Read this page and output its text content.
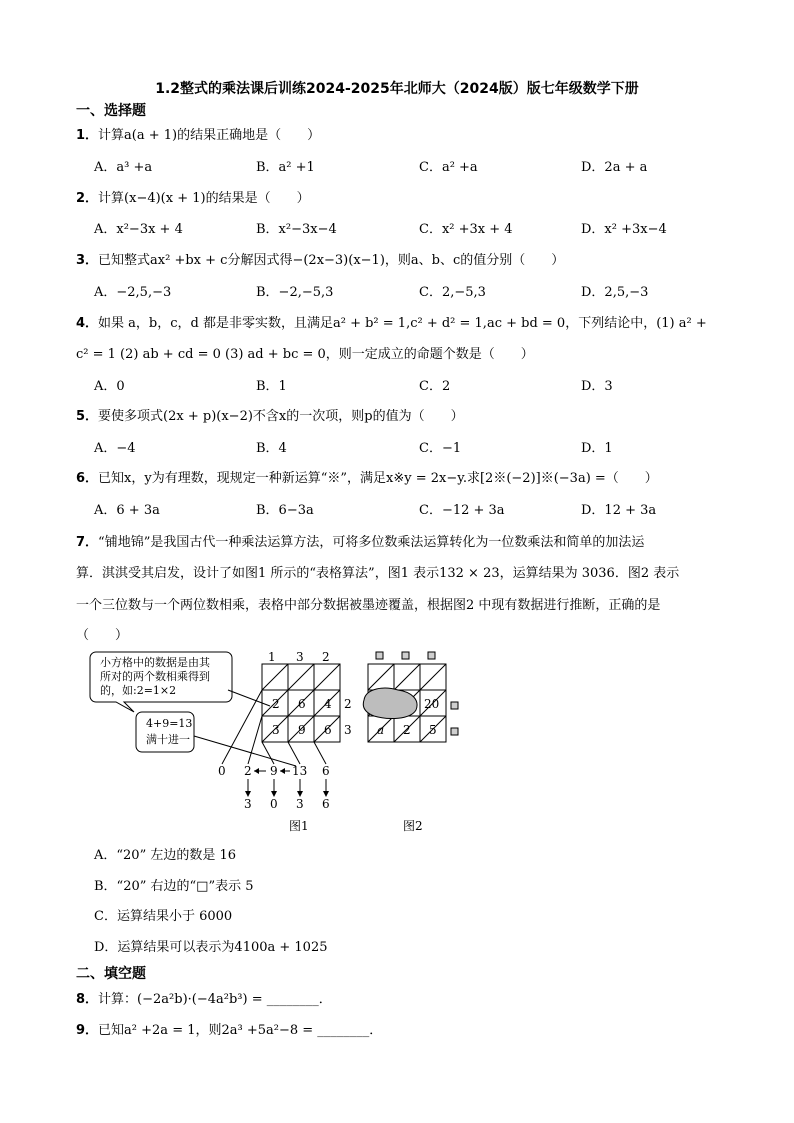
1.2整式的乘法课后训练2024-2025年北师大（2024版）版七年级数学下册
一、选择题
1．计算a(a + 1)的结果正确地是（　　）
A．a³ +a	B．a² +1	C．a² +a	D．2a + a
2．计算(x−4)(x + 1)的结果是（　　）
A．x²−3x + 4	B．x²−3x−4	C．x² +3x + 4	D．x² +3x−4
3．已知整式ax² +bx + c分解因式得−(2x−3)(x−1)，则a、b、c的值分别（　　）
A．−2,5,−3	B．−2,−5,3	C．2,−5,3	D．2,5,−3
4．如果 a，b，c，d 都是非零实数，且满足a² + b² = 1,c² + d² = 1,ac + bd = 0，下列结论中，(1) a² +
c² = 1 (2) ab + cd = 0 (3) ad + bc = 0，则一定成立的命题个数是（　　）
A．0	B．1	C．2	D．3
5．要使多项式(2x + p)(x−2)不含x的一次项，则p的值为（　　）
A．−4	B．4	C．−1	D．1
6．已知x，y为有理数，现规定一种新运算“※”，满足x※y = 2x−y.求[2※(−2)]※(−3a) =（　　）
A．6 + 3a	B．6−3a	C．−12 + 3a	D．12 + 3a
7．“铺地锦”是我国古代一种乘法运算方法，可将多位数乘法运算转化为一位数乘法和简单的加法运
算．淇淇受其启发，设计了如图1 所示的“表格算法”，图1 表示132 × 23，运算结果为 3036．图2 表示
一个三位数与一个两位数相乘，表格中部分数据被墨迹覆盖，根据图2 中现有数据进行推断，正确的是
（　　）
小方格中的数据是由其
所对的两个数相乘得到
的，如:2=1×2
4+9=13
满十进一
1 3 2
2 6 4
3 9 6
2
3
0 2 9 13 6
3 0 3 6
图1
20
a 2 5
图2
A．“20” 左边的数是 16
B．“20” 右边的“□”表示 5
C．运算结果小于 6000
D．运算结果可以表示为4100a + 1025
二、填空题
8．计算：(−2a²b)·(−4a²b³) = ________．
9．已知a² +2a = 1，则2a³ +5a²−8 = ________．
